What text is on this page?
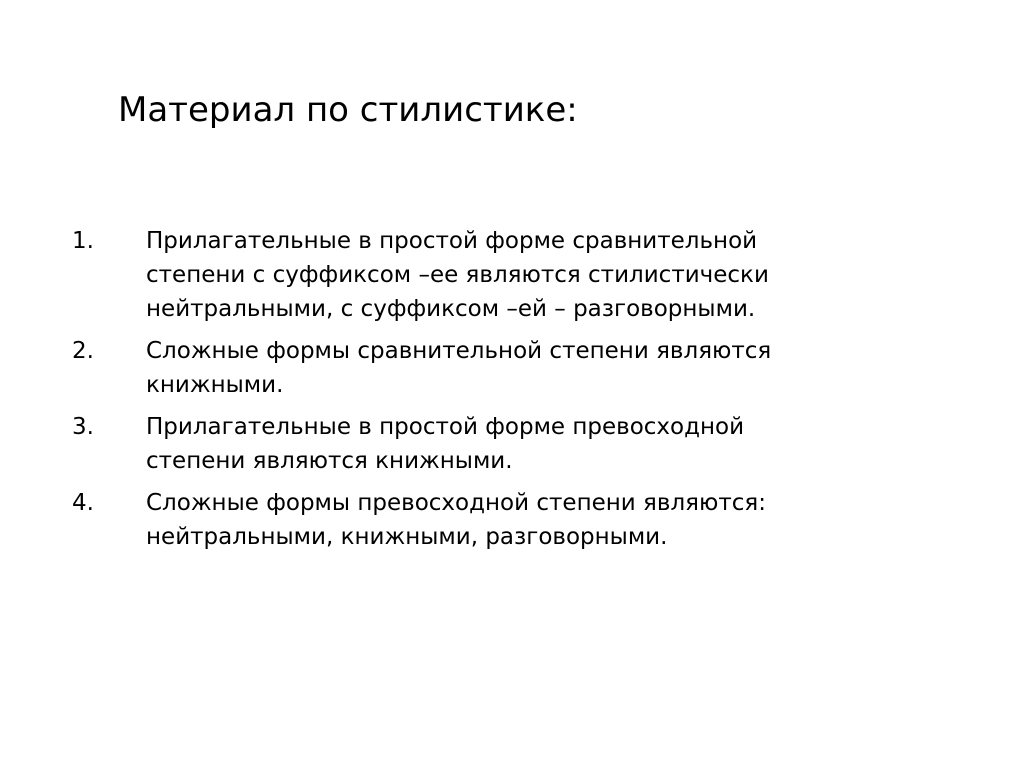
Материал по стилистике:
1.	Прилагательные в простой форме сравнительной
степени с суффиксом –ее являются стилистически
нейтральными, с суффиксом –ей – разговорными.
2.	Сложные формы сравнительной степени являются
книжными.
3.	Прилагательные в простой форме превосходной
степени являются книжными.
4.	Сложные формы превосходной степени являются:
нейтральными, книжными, разговорными.
